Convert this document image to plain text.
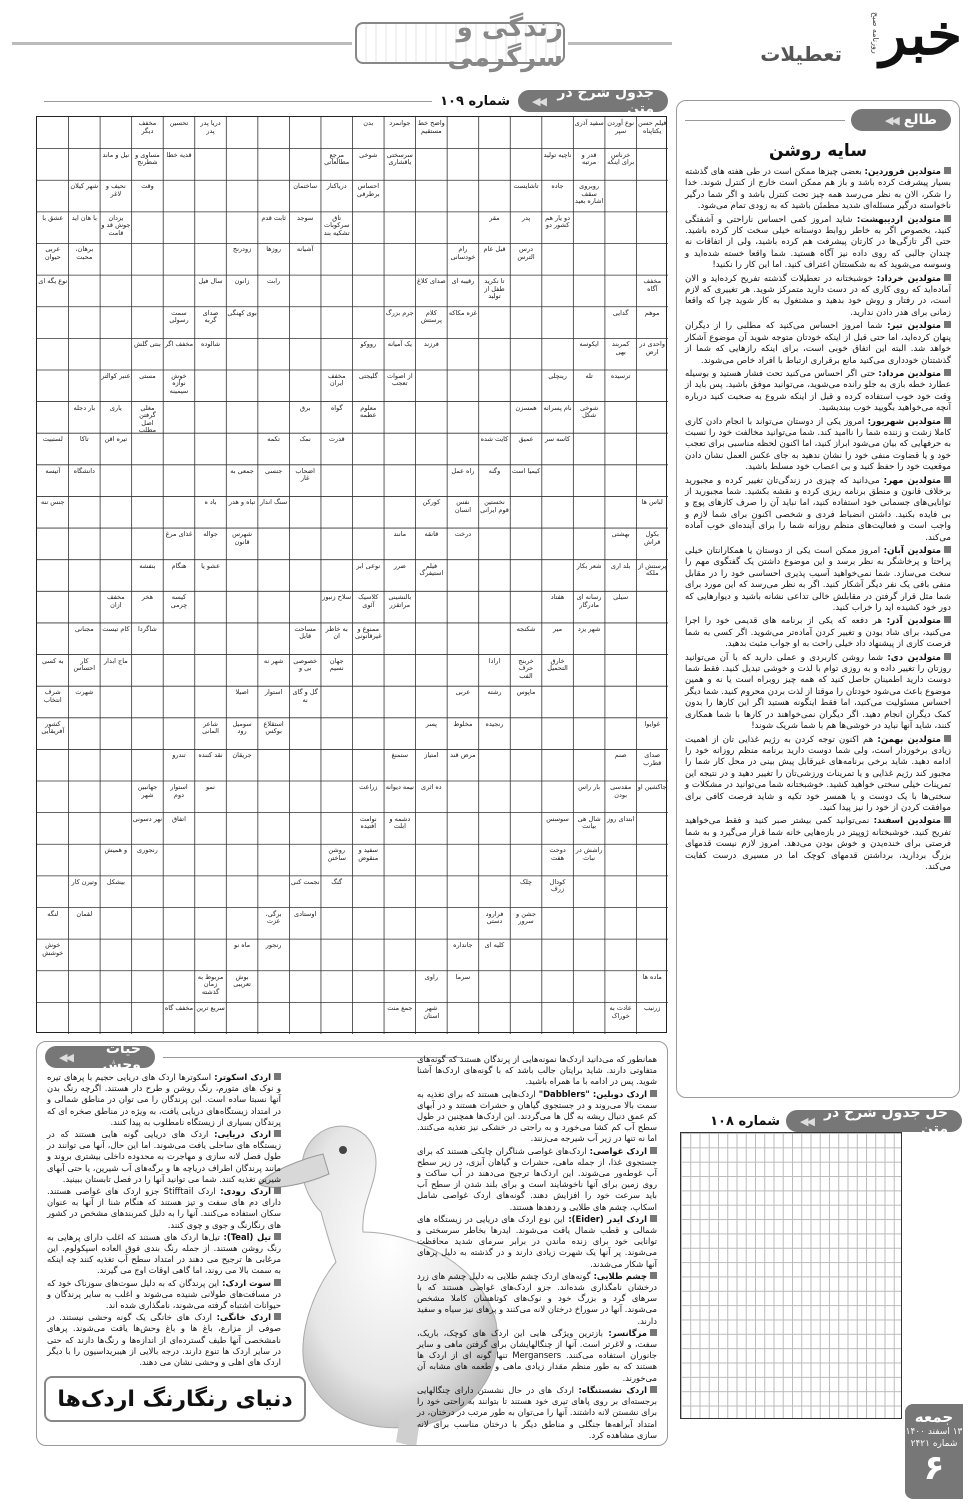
زندگی و سرگرمی	خبر
تعطیلات
روزنامه صبح
جدول شرح در متن
◀◀
شماره ۱۰۹
فیلم حسن یکتاپناه
واضح خط مستقیم
دریا پدر پدر
خرناس برای اینکه
سرسختی یاقشاری
قدیه خطا
روبروی سقف اشاره بعید
احساس برطرفی
وقت
دو یار هم کشور دو
تاق سرکوبات تشکیه بند
یزدان جوش قد و قامت
درس الترس
آشیانه
برهان، محبت
تا نکرید طفل از تولید
رابت
نوع یگه ای
غزه مکاکه
بوی کهنگی
واحدی در ارض
فرزند
شالوده
ترسیده
از اصوات تعجب
خوش نوازه سیمینه
شوخی شکل
معلوم عطمه
مغلی گرفتن اصل مطلب
کاسه سر
قدرت
تیره اقن
کیمیا است
اضحاب غار
دانشگاه
نخستین قوم ایرانی
سنگ اندار
جنس ننه
درخت
شهرس قانون
پرستش از ملکه
فیلم استیفرگ
عشو یا
سیلی
بالنشینی مراتقزر
کیسه چرمی
شهر یزد
ممنوع و غیرقانونی
شاگردا
خارق التحمیل
جهان نسیم
ماج ابدار
ماپوس
گل و گای نه
شهرت
رنجیده
استقلاع بوکس
کشور آفریقایی
مرض قند
جریقان
جاکشین او
ده اثری
نمو
ابتدای روز
دشمه و ابلت
اتفاق
راشش در نبات
سفید و منقوض
رنجوری
کودال زرف
گنگ
بیشکل
جشن و سرور
اوستادی
لقمان
کلیه ای
رنجور
خوش خوشش
سرما
بوش تعریبی
زرنیب
شهر استان
سریع ترین
نوع آوردن سپر
جوانمرد
تحسین
قدر و مرتبه
شوخی
مساوی و شطرنج
جاده
دریاکنار
نحیف و لاغر
پدر
سوجد
با هان اید
قبل عام
روزها
عربی حیوان
رقیبه ای
زانون
موهم
کلام پرستش
صدای گربه
کمربند بهی
یک آمیانه
مخفف اگر
تله
گلیجتی
مستی
نام پسرانه
گواه
یاری
عمیق
نمک
تاکا
وگنه
جنسی
آتیسه
نفس انسان
تباه و هدر
بکول قراش
قانقه
جواله
بلد اری
ضرر
هنگام
رسانه ای مادرگار
کلاسیک آئوی
هخر
میر
به خاطر ان
کام تیست
خربنج حرف الفب
خصوصی بی و
کار احساس
رشته
استوار
شرف انتخاب
مخلوط
سومیل رود
صدای قطرب
امتیاز
نقد کننده
مقدسی بودن
نیمه دیوانه
استوار دوم
شال هی بیانت
نوامت افتیده
نهر دسونی
دوحت هفت
روشن ساختن
و همیش
چلک
نجمت کنی
وتیرن کار
فرارود دستی
برگی، عزت
لنگه
جانداره
ماه نو
ماده ها
راوی
مربوط به زمان گذشته
عادت به خوراک
جمع منت
مخفف گاه
سفید آذری
بدن
مخفف دیگر
ناچیه تولید
مرجع مطالعاتی
نیل و ماند
تاشایست
ساختمان
شهر کیلان
مقر
ثابت قدم
عشق با
رام خودسانی
زودرنج
مخفف آگاه
صدای کلاغ
سال فیل
گدایی
جرم بزرگ
سمت رسولی
ایکوسه
رووکو
بنتی گلش
رینچلی
مخفف ایران
عنبر کوالتر
همسزن
برق
بار دجله
کایت شده
تکمه
لستبیت
راه عمل
جمعی به
لباس ها
کورکن
باد ه
بهشتی
مانند
غذای مرغ
شعر بکار
نوعی ابر
بنفشه
هفتاد
سلاح زنبور
مخفف ازان
شکنجه
مساحت قابل
مجنانی
ارادا
شهر نه
به کسی
عربی
اصیلا
غوایوا
پسر
شاعر المانی
صنم
ستمنغ
تندرو
بار راس
زراعت
جهانبین شهر
سوسس
طالع
◀◀
سایه روشن
متولدین فروردین: بعضی چیزها ممکن است در طی هفته های گذشته بسیار پیشرفت کرده باشد و باز هم ممکن است خارج از کنترل شوند. خدا را شکر، الان به نظر می‌رسد همه چیز تحت کنترل باشد و اگر شما درگیر ناخواسته درگیر مسئله‌ای شدید مطمئن باشید که به زودی تمام می‌شود.
متولدین اردیبهشت: شاید امروز کمی احساس ناراحتی و آشفتگی کنید، بخصوص اگر به خاطر روابط دوستانه خیلی سخت کار کرده باشید. حتی اگر تازگی‌ها در کارتان پیشرفت هم کرده باشید، ولی از اتفاقات نه چندان جالبی که روی داده نیز آگاه هستید. شما واقعا خسته شده‌اید و وسوسه می‌شوید که به شکستتان اعتراف کنید. اما این کار را نکنید!
متولدین خرداد: خوشبختانه در تعطیلات گذشته تفریح کرده‌اید و الان آماده‌اید که روی کاری که در دست دارید متمرکز شوید. هر تغییری که لازم است، در رفتار و روش خود بدهید و مشتغول به کار شوید چرا که واقعا زمانی برای هدر دادن ندارید.
متولدین تیر: شما امروز احساس می‌کنید که مطلبی را از دیگران پنهان کرده‌اید، اما حتی قبل از اینکه خودتان متوجه شوید آن موضوع آشکار خواهد شد. البته این اتفاق خوبی است، برای اینکه رازهایی که شما از گذشتتان خودداری می‌کنید مانع برقراری ارتباط با افراد خاص می‌شوند.
متولدین مرداد: حتی اگر احساس می‌کنید تحت فشار هستید و بوسیله عطارد خطه بازی به جلو رانده می‌شوید، می‌توانید موفق باشید. پس باید از وقت خود خوب استفاده کرده و قبل از اینکه شروع به صحبت کنید درباره آنچه می‌خواهید بگویید خوب بیندیشید.
متولدین شهریور: امروز یکی از دوستان می‌تواند با انجام دادن کاری کاملا زشت و زننده شما را ناامید کند. شما می‌توانید مخالفت خود را نسبت به حرفهایی که بیان می‌شود ابراز کنید، اما اکنون لحظه مناسبی برای تعجب خود و یا قضاوت منفی خود را نشان ندهید به جای عکس العمل نشان دادن موقعیت خود را حفظ کنید و بی اعصاب خود مسلط باشید.
متولدین مهر: می‌دانید که چیزی در زندگی‌تان تغییر کرده و مجبورید برخلاف قانون و منطق برنامه ریزی کرده و نقشه بکشید. شما مجبورید از توانایی‌های جسمانی خود استفاده کنید، اما نباید آن را صرف کارهای پوچ و بی فایده بکنید. داشتن انضباط فردی و شخصی اکنون برای شما لازم و واجب است و فعالیت‌های منظم روزانه شما را برای آینده‌ای خوب آماده می‌کند.
متولدین آبان: امروز ممکن است یکی از دوستان یا همکارانتان خیلی پراحتا و پرخاشگر به نظر برسد و این موضوع داشتن یک گفتگوی مهم را سخت می‌سازد. شما نمی‌خواهید آسیب پذیری احساسی خود را در مقابل منفی بافی یک نفر دیگر آشکار کنید. اگر به نظر می‌رسد که این مورد برای شما مثل قرار گرفتن در مقابلش خالی تداعی نشانه باشید و دیوارهایی که دور خود کشیده اید را خراب کنید.
متولدین آذر: هر دفعه که یکی از برنامه های قدیمی خود را اجرا می‌کنید، برای شاد بودن و تغییر کردن آماده‌تر می‌شوید. اگر کسی به شما فرصت کاری از پیشنهاد داد خیلی راحت به او جواب مثبت بدهید.
متولدین دی: شما روشن کاربردی و عملی دارید که با آن می‌توانید روزتان را تغییر داده و به روزی توام با لذت و خوشی تبدیل کنید. فقط شما دوست دارید اطمینان حاصل کنید که همه چیز روبراه است یا نه و همین موضوع باعث می‌شود خودتان را موقتا از لذت بردن محروم کنید. شما دیگر احساس مسئولیت می‌کنید، اما فقط اینگونه هستید اگر این کارها را بدون کمک دیگران انجام دهید. اگر دیگران نمی‌خواهند در کارها با شما همکاری کنند، شاید آنها نباید در خوشی‌ها هم با شما شریک شوند!
متولدین بهمن: هم اکنون توجه کردن به رژیم غذایی تان از اهمیت زیادی برخوردار است، ولی شما دوست دارید برنامه منظم روزانه خود را ادامه دهید. شاید برخی برنامه‌های غیرقابل پیش بینی در محل کار شما را مجبور کند رژیم غذایی و یا تمرینات ورزشی‌تان را تغییر دهید و در نتیجه این تمرینات خیلی سختی خواهید کشید. خوشبختانه شما می‌توانید در مشکلات و سختی‌ها با یک دوست و یا همسر خود تکیه و شاید فرصت کافی برای موافقت کردن از خود را نیز پیدا کنید.
متولدین اسفند: نمی‌توانید کمی بیشتر صبر کنید و فقط می‌خواهید تفریح کنید. خوشبختانه ژوپیتر در بازه‌هایی خانه شما قرار می‌گیرد و به شما فرصتی برای خنده‌یدن و خوش بودن می‌دهد. امروز لازم نیست قدمهای بزرگ بردارید، برداشتن قدمهای کوچک اما در مسیری درست کفایت می‌کند.
حل جدول شرح در متن
◀◀
شماره ۱۰۸
جمعه
۱۳ اسفند ۱۴۰۰
شماره ۲۴۲۱
۶
حیات وحش
◀◀	همانطور که می‌دانید اردک‌ها نمونه‌هایی از پرندگان هستند که گونه‌های متفاوتی دارند. شاید برایتان جالب باشد که با گونه‌های اردک‌ها آشنا شوید. پس در ادامه با ما همراه باشید.

اردک دوبلین: "Dabblers" اردک‌هایی هستند که برای تغذیه به سمت بالا می‌روند و در جستجوی گیاهان و حشرات هستند و در آبهای کم عمق دنبال ریشه به گل ها می‌گردند. این اردک‌ها همچنین در طول سطح آب کم کشا می‌خورد و به راحتی در خشکی نیز تغذیه می‌کنند. اما نه تنها در زیر آب شیرجه می‌زنند.

اردک غواصی: اردک‌های غواصی شناگران چابکی هستند که برای جستجوی غذا، از جمله ماهی، حشرات و گیاهان آبزی، در زیر سطح آب غوطه‌ور می‌شوند. این اردک‌ها ترجیح می‌دهند در آب ساکت و روی زمین برای آنها ناخوشایند است و برای بلند شدن از سطح آب باید سرعت خود را افزایش دهند. گونه‌های اردک غواصی شامل اسکاپ، چشم های طلایی و ردهدها هستند.

اردک ایدر (Eider): این نوع اردک های دریایی در زیستگاه های شمالی و قطب شمال یافت می‌شوند. ایدرها بخاطر سرسختی و توانایی خود برای زنده ماندن در برابر سرمای شدید محافظت می‌شوند. پر آنها یک شهرت زیادی دارند و در گذشته به دلیل پرهای آنها شکار می‌شدند.

چشم طلایی: گونه‌های اردک چشم طلایی به دلیل چشم های زرد درخشان نامگذاری شده‌اند. جزو اردک‌های غواصی هستند که با سرهای گرد و بزرگ خود و نوک‌های کوتاهشان کاملا مشخص می‌شوند. آنها در سوراخ درختان لانه می‌کنند و پرهای نیز سیاه و سفید دارند.

مرگانسر: بازترین ویژگی هایی این اردک های کوچک، باریک، سفت، و لاغرتر است. آنها از چنگالهایشان برای گرفتن ماهی و سایر جانوران استفاده می‌کنند. Mergansers تنها گونه ای از اردک ها هستند که به طور منظم مقدار زیادی ماهی و طعمه های مشابه آن می‌خورند.

اردک نشستنگاه: اردک های در حال نشستن دارای چنگالهایی برجسته‌ای بر روی پاهای تیری خود هستند تا بتوانند به راحتی خود را برای نشستن لانه داشتند. آنها را می‌توان به طور مرتب در درختان، در امتداد آبراهه‌ها جنگلی و مناطق دیگر با درختان مناسب برای لانه سازی مشاهده کرد.

اردک اسکوتر: اسکوترها اردک های دریایی حجیم با پرهای تیره و نوک های متورم، رنگ روشن و طرح دار هستند. اگرچه رنگ بدن آنها نسبتا ساده است. این پرندگان را می توان در مناطق شمالی و در امتداد زیستگاه‌های دریایی یافت، به ویژه در مناطق صخره ای که پرندگان بسیاری از زیستگاه نامطلوب به پیدا کنند.

اردک دریایی: اردک های دریایی گونه هایی هستند که در زیستگاه های ساحلی یافت می‌شوند. اما این حال، آنها می توانند در طول فصل لانه سازی و مهاجرت به محدوده داخلی بیشتری بروند و مانند پرندگان اطراف دریاچه ها و برگه‌های آب شیرین، یا حتی آبهای شیرین تغذیه کنند. شما می توانید آنها را در فصل تابستان ببینید.

اردک رودی: اردک Stifftail جزو اردک های غواصی هستند. دارای دم های سفت و تیز هستند که هنگام شنا از آنها به عنوان سکان استفاده می‌کنند. آنها را به دلیل کمربندهای مشخص در کشور های رنگارنگ و جوی و چوی کنند.

تیل (Teal): تیل‌ها اردک های هستند که اغلب دارای پرهایی به رنگ روشن هستند. از جمله رنگ بندی فوق العاده اسپکولوم. این مرغابی ها ترجیح می دهند در امتداد سطح آب تغذیه کنند چه اینکه به سمت بالا می روند، اما گاهی اوقات اوج می گیرند.

سوت اردک: این پرندگان که به دلیل سوت‌های سوزناک خود که در مسافت‌های طولانی شنیده می‌شوند و اغلب به سایر پرندگان و حیوانات اشتباه گرفته می‌شوند، نامگذاری شده اند.

اردک خانگی: اردک های خانگی یک گونه وحشی نیستند. در صوفی از مزارع، باغ ها و باغ وحش‌ها یافت می‌شوند. پرهای نامشخصی آنها طیف گسترده‌ای از اندازه‌ها و رنگ‌ها دارند که حتی در سایر اردک ها تنوع دارند. درجه بالایی از هیبریداسیون را با دیگر اردک های اهلی و وحشی نشان می دهند.

دنیای رنگارنگ اردک‌ها
